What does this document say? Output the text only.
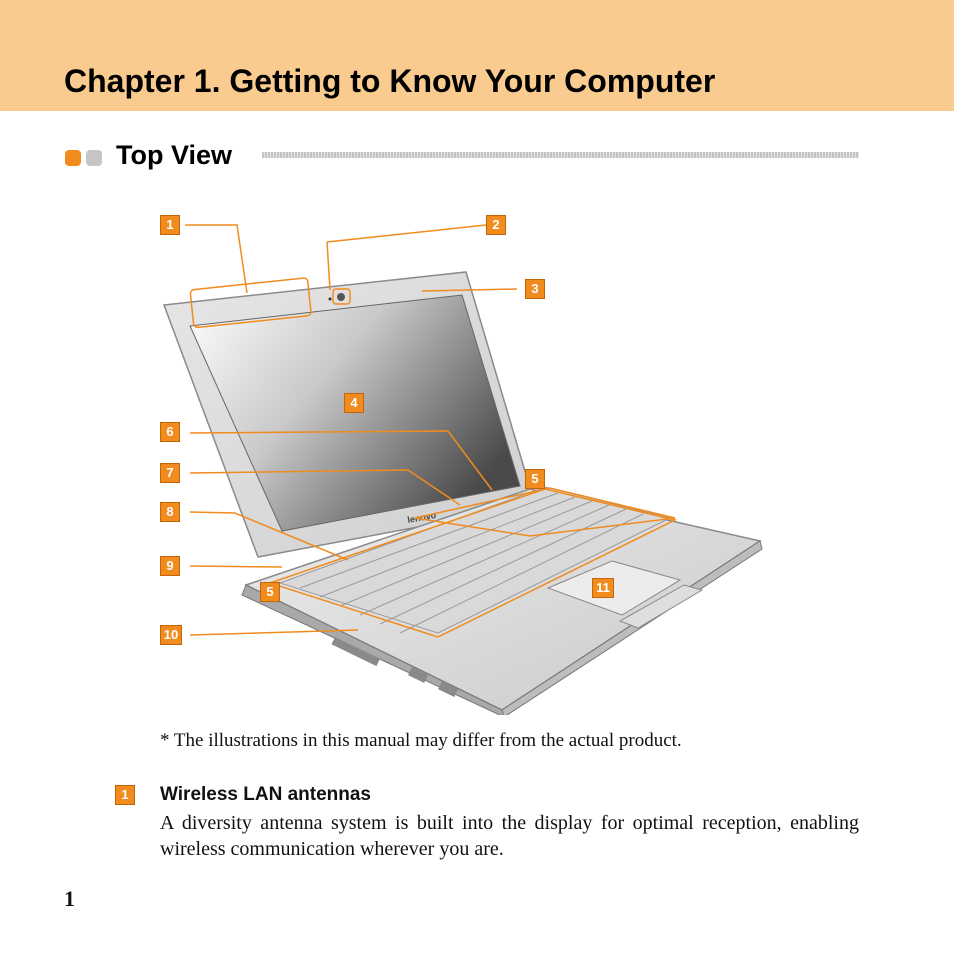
Chapter 1. Getting to Know Your Computer
Top View
lenovo
1	2
3
4
6
7	5
8
9
5
10
11

* The illustrations in this manual may differ from the actual product.

1 Wireless LAN antennas

A diversity antenna system is built into the display for optimal reception, enabling wireless communication wherever you are.

1
